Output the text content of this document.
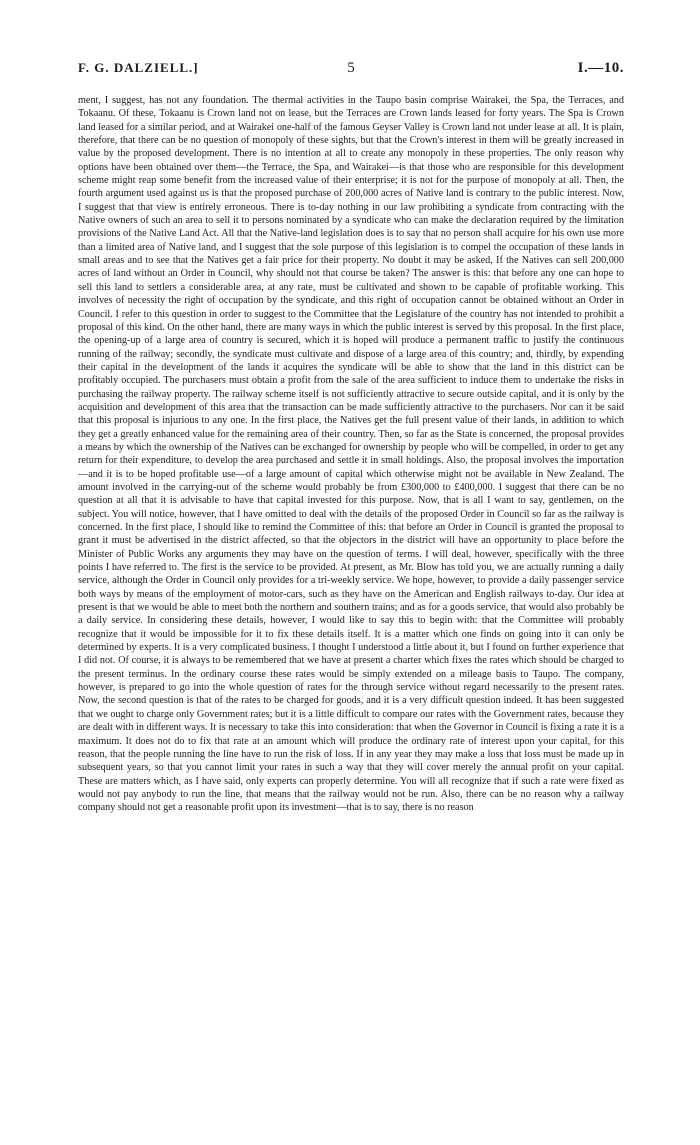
F. G. DALZIELL.]	5	I.—10.

ment, I suggest, has not any foundation. The thermal activities in the Taupo basin comprise Wairakei, the Spa, the Terraces, and Tokaanu. Of these, Tokaanu is Crown land not on lease, but the Terraces are Crown lands leased for forty years. The Spa is Crown land leased for a similar period, and at Wairakei one-half of the famous Geyser Valley is Crown land not under lease at all. It is plain, therefore, that there can be no question of monopoly of these sights, but that the Crown's interest in them will be greatly increased in value by the proposed development. There is no intention at all to create any monopoly in these properties. The only reason why options have been obtained over them—the Terrace, the Spa, and Wairakei—is that those who are responsible for this development scheme might reap some benefit from the increased value of their enterprise; it is not for the purpose of monopoly at all. Then, the fourth argument used against us is that the proposed purchase of 200,000 acres of Native land is contrary to the public interest. Now, I suggest that that view is entirely erroneous. There is to-day nothing in our law prohibiting a syndicate from contracting with the Native owners of such an area to sell it to persons nominated by a syndicate who can make the declaration required by the limitation provisions of the Native Land Act. All that the Native-land legislation does is to say that no person shall acquire for his own use more than a limited area of Native land, and I suggest that the sole purpose of this legislation is to compel the occupation of these lands in small areas and to see that the Natives get a fair price for their property. No doubt it may be asked, If the Natives can sell 200,000 acres of land without an Order in Council, why should not that course be taken? The answer is this: that before any one can hope to sell this land to settlers a considerable area, at any rate, must be cultivated and shown to be capable of profitable working. This involves of necessity the right of occupation by the syndicate, and this right of occupation cannot be obtained without an Order in Council. I refer to this question in order to suggest to the Committee that the Legislature of the country has not intended to prohibit a proposal of this kind. On the other hand, there are many ways in which the public interest is served by this proposal. In the first place, the opening-up of a large area of country is secured, which it is hoped will produce a permanent traffic to justify the continuous running of the railway; secondly, the syndicate must cultivate and dispose of a large area of this country; and, thirdly, by expending their capital in the development of the lands it acquires the syndicate will be able to show that the land in this district can be profitably occupied. The purchasers must obtain a profit from the sale of the area sufficient to induce them to undertake the risks in purchasing the railway property. The railway scheme itself is not sufficiently attractive to secure outside capital, and it is only by the acquisition and development of this area that the transaction can be made sufficiently attractive to the purchasers. Nor can it be said that this proposal is injurious to any one. In the first place, the Natives get the full present value of their lands, in addition to which they get a greatly enhanced value for the remaining area of their country. Then, so far as the State is concerned, the proposal provides a means by which the ownership of the Natives can be exchanged for ownership by people who will be compelled, in order to get any return for their expenditure, to develop the area purchased and settle it in small holdings. Also, the proposal involves the importation—and it is to be hoped profitable use—of a large amount of capital which otherwise might not be available in New Zealand. The amount involved in the carrying-out of the scheme would probably be from £300,000 to £400,000. I suggest that there can be no question at all that it is advisable to have that capital invested for this purpose. Now, that is all I want to say, gentlemen, on the subject. You will notice, however, that I have omitted to deal with the details of the proposed Order in Council so far as the railway is concerned. In the first place, I should like to remind the Committee of this: that before an Order in Council is granted the proposal to grant it must be advertised in the district affected, so that the objectors in the district will have an opportunity to place before the Minister of Public Works any arguments they may have on the question of terms. I will deal, however, specifically with the three points I have referred to. The first is the service to be provided. At present, as Mr. Blow has told you, we are actually running a daily service, although the Order in Council only provides for a tri-weekly service. We hope, however, to provide a daily passenger service both ways by means of the employment of motor-cars, such as they have on the American and English railways to-day. Our idea at present is that we would be able to meet both the northern and southern trains; and as for a goods service, that would also probably be a daily service. In considering these details, however, I would like to say this to begin with: that the Committee will probably recognize that it would be impossible for it to fix these details itself. It is a matter which one finds on going into it can only be determined by experts. It is a very complicated business. I thought I understood a little about it, but I found on further experience that I did not. Of course, it is always to be remembered that we have at present a charter which fixes the rates which should be charged to the present terminus. In the ordinary course these rates would be simply extended on a mileage basis to Taupo. The company, however, is prepared to go into the whole question of rates for the through service without regard necessarily to the present rates. Now, the second question is that of the rates to be charged for goods, and it is a very difficult question indeed. It has been suggested that we ought to charge only Government rates; but it is a little difficult to compare our rates with the Government rates, because they are dealt with in different ways. It is necessary to take this into consideration: that when the Governor in Council is fixing a rate it is a maximum. It does not do to fix that rate at an amount which will produce the ordinary rate of interest upon your capital, for this reason, that the people running the line have to run the risk of loss. If in any year they may make a loss that loss must be made up in subsequent years, so that you cannot limit your rates in such a way that they will cover merely the annual profit on your capital. These are matters which, as I have said, only experts can properly determine. You will all recognize that if such a rate were fixed as would not pay anybody to run the line, that means that the railway would not be run. Also, there can be no reason why a railway company should not get a reasonable profit upon its investment—that is to say, there is no reason
